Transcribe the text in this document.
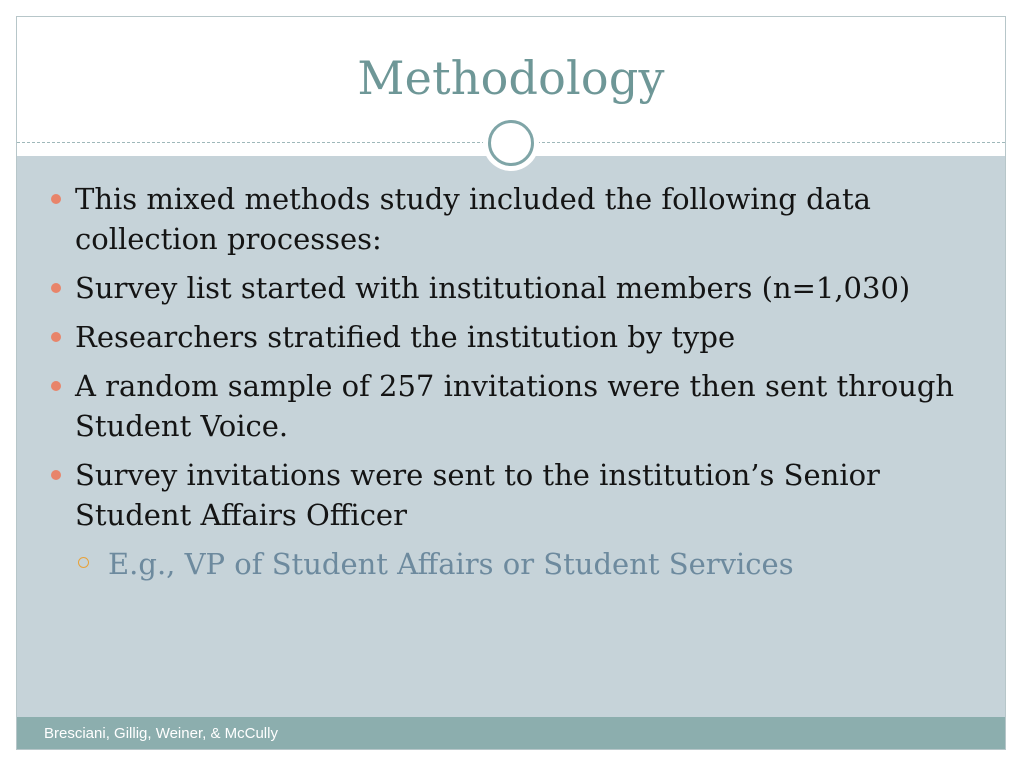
Methodology
This mixed methods study included the following data collection processes:
Survey list started with institutional members (n=1,030)
Researchers stratified the institution by type
A random sample of 257 invitations were then sent through Student Voice.
Survey invitations were sent to the institution’s Senior Student Affairs Officer
E.g., VP of Student Affairs or Student Services
Bresciani, Gillig, Weiner, & McCully
